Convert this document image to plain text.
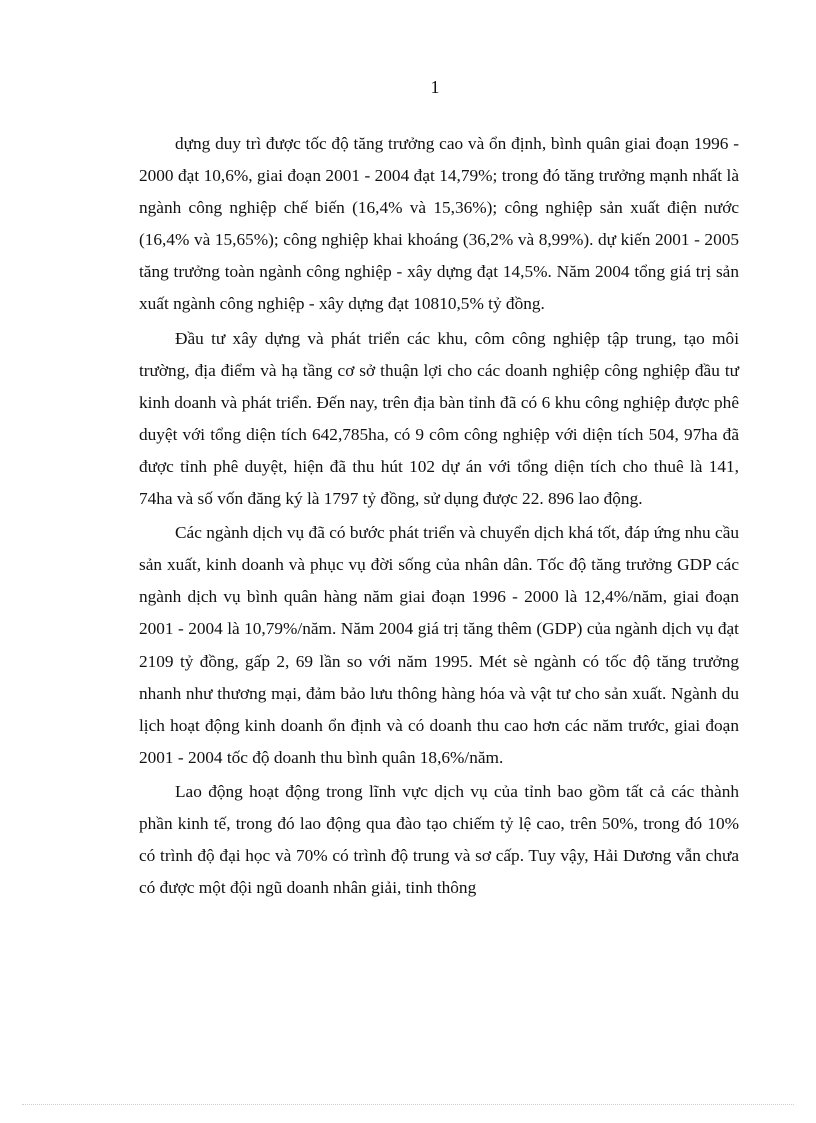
1

dựng duy trì được tốc độ tăng trưởng cao và ổn định, bình quân giai đoạn 1996 - 2000 đạt 10,6%, giai đoạn 2001 - 2004 đạt 14,79%; trong đó tăng trưởng mạnh nhất là ngành công nghiệp chế biến (16,4% và 15,36%); công nghiệp sản xuất điện nước (16,4% và 15,65%); công nghiệp khai khoáng (36,2% và 8,99%). dự kiến 2001 - 2005 tăng trưởng toàn ngành công nghiệp - xây dựng đạt 14,5%. Năm 2004 tổng giá trị sản xuất ngành công nghiệp - xây dựng đạt 10810,5% tỷ đồng.

Đầu tư xây dựng và phát triển các khu, côm công nghiệp tập trung, tạo môi trường, địa điểm và hạ tầng cơ sở thuận lợi cho các doanh nghiệp công nghiệp đầu tư kinh doanh và phát triển. Đến nay, trên địa bàn tỉnh đã có 6 khu công nghiệp được phê duyệt với tổng diện tích 642,785ha, có 9 côm công nghiệp với diện tích 504, 97ha đã được tỉnh phê duyệt, hiện đã thu hút 102 dự án với tổng diện tích cho thuê là 141, 74ha và số vốn đăng ký là 1797 tỷ đồng, sử dụng được 22. 896 lao động.

Các ngành dịch vụ đã có bước phát triển và chuyển dịch khá tốt, đáp ứng nhu cầu sản xuất, kinh doanh và phục vụ đời sống của nhân dân. Tốc độ tăng trưởng GDP các ngành dịch vụ bình quân hàng năm giai đoạn 1996 - 2000 là 12,4%/năm, giai đoạn 2001 - 2004 là 10,79%/năm. Năm 2004 giá trị tăng thêm (GDP) của ngành dịch vụ đạt 2109 tỷ đồng, gấp 2, 69 lần so với năm 1995. Mét sè ngành có tốc độ tăng trưởng nhanh như thương mại, đảm bảo lưu thông hàng hóa và vật tư cho sản xuất. Ngành du lịch hoạt động kinh doanh ổn định và có doanh thu cao hơn các năm trước, giai đoạn 2001 - 2004 tốc độ doanh thu bình quân 18,6%/năm.

Lao động hoạt động trong lĩnh vực dịch vụ của tỉnh bao gồm tất cả các thành phần kinh tế, trong đó lao động qua đào tạo chiếm tỷ lệ cao, trên 50%, trong đó 10% có trình độ đại học và 70% có trình độ trung và sơ cấp. Tuy vậy, Hải Dương vẫn chưa có được một đội ngũ doanh nhân giải, tinh thông
